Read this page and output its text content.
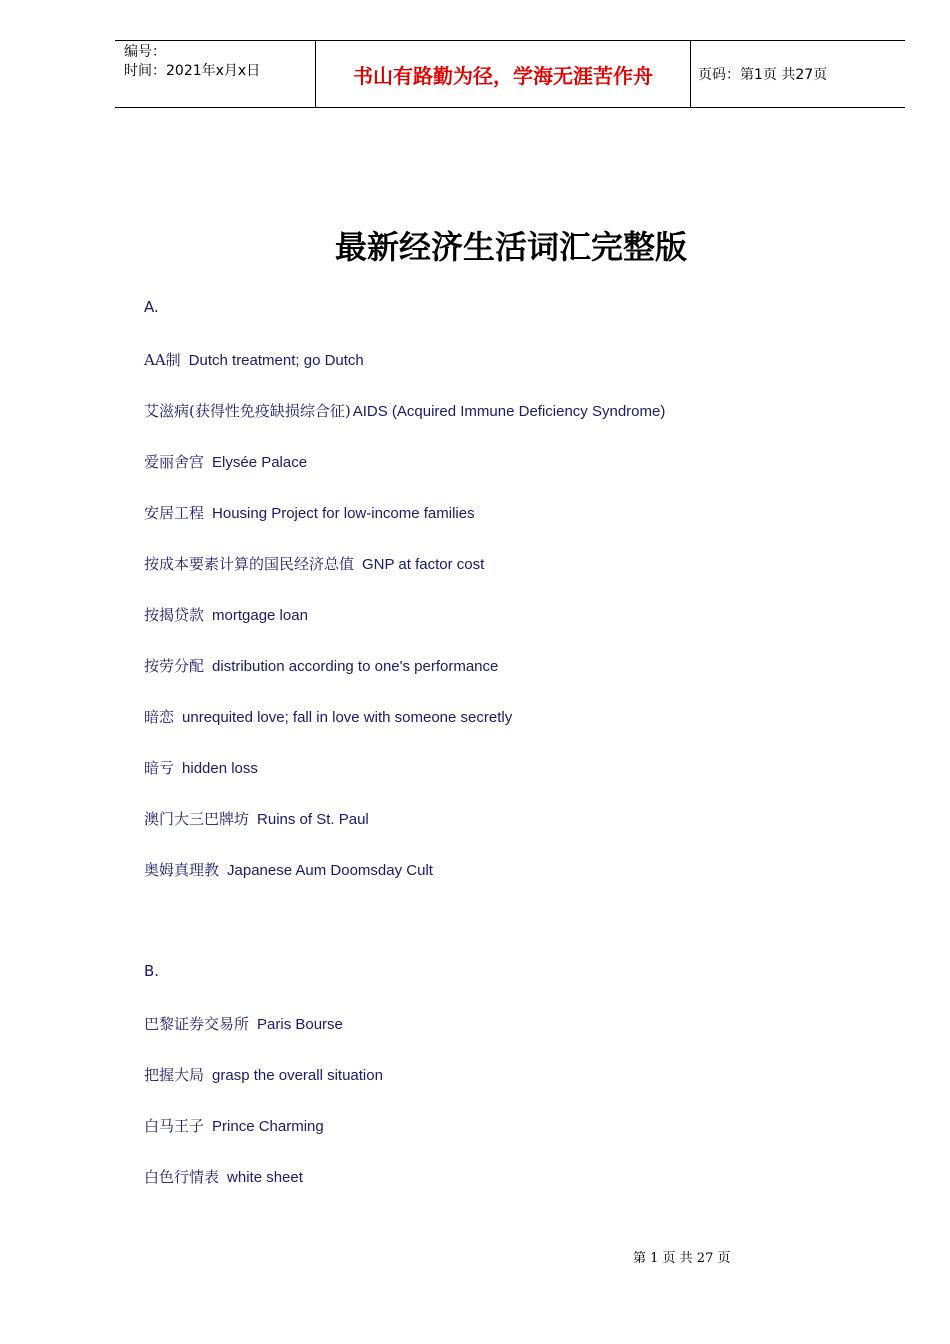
编号：
时间：2021年x月x日	书山有路勤为径，学海无涯苦作舟	页码：第1页 共27页
最新经济生活词汇完整版
A.
AA制 Dutch treatment; go Dutch
艾滋病(获得性免疫缺损综合征) AIDS (Acquired Immune Deficiency Syndrome)
爱丽舍宫 Elysée Palace
安居工程 Housing Project for low-income families
按成本要素计算的国民经济总值 GNP at factor cost
按揭贷款 mortgage loan
按劳分配 distribution according to one's performance
暗恋 unrequited love; fall in love with someone secretly
暗亏 hidden loss
澳门大三巴牌坊 Ruins of St. Paul
奥姆真理教 Japanese Aum Doomsday Cult
B.
巴黎证券交易所 Paris Bourse
把握大局 grasp the overall situation
白马王子 Prince Charming
白色行情表 white sheet
第 1 页 共 27 页
